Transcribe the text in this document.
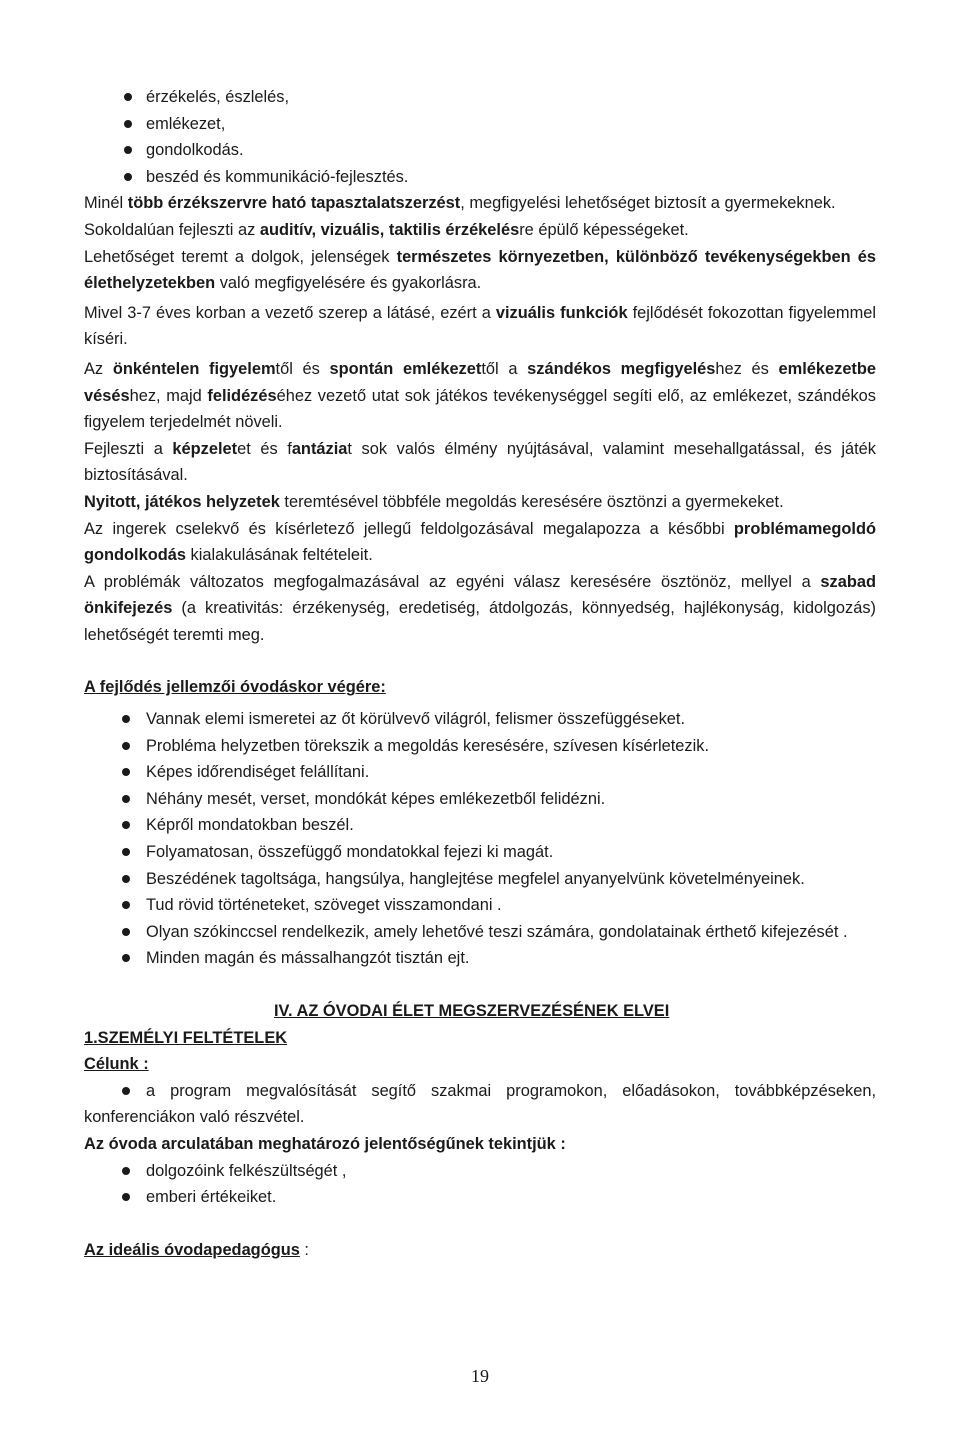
érzékelés, észlelés,
emlékezet,
gondolkodás.
beszéd és kommunikáció-fejlesztés.

Minél több érzékszervre ható tapasztalatszerzést, megfigyelési lehetőséget biztosít a gyermekeknek.

Sokoldalúan fejleszti az auditív, vizuális, taktilis érzékelésre épülő képességeket.

Lehetőséget teremt a dolgok, jelenségek természetes környezetben, különböző tevékenységekben és élethelyzetekben való megfigyelésére és gyakorlásra.

Mivel 3-7 éves korban a vezető szerep a látásé, ezért a vizuális funkciók fejlődését fokozottan figyelemmel kíséri.

Az önkéntelen figyelemtől és spontán emlékezettől a szándékos megfigyeléshez és emlékezetbe véséshez, majd felidézéséhez vezető utat sok játékos tevékenységgel segíti elő, az emlékezet, szándékos figyelem terjedelmét növeli.

Fejleszti a képzeletet és fantáziat sok valós élmény nyújtásával, valamint mesehallgatással, és játék biztosításával.

Nyitott, játékos helyzetek teremtésével többféle megoldás keresésére ösztönzi a gyermekeket.

Az ingerek cselekvő és kísérletező jellegű feldolgozásával megalapozza a későbbi problémamegoldó gondolkodás kialakulásának feltételeit.

A problémák változatos megfogalmazásával az egyéni válasz keresésére ösztönöz, mellyel a szabad önkifejezés (a kreativitás: érzékenység, eredetiség, átdolgozás, könnyedség, hajlékonyság, kidolgozás) lehetőségét teremti meg.

A fejlődés jellemzői óvodáskor végére:
Vannak elemi ismeretei az őt körülvevő világról, felismer összefüggéseket.
Probléma helyzetben törekszik a megoldás keresésére, szívesen kísérletezik.
Képes időrendiséget felállítani.
Néhány mesét, verset, mondókát képes emlékezetből felidézni.
Képről mondatokban beszél.
Folyamatosan, összefüggő mondatokkal fejezi ki magát.
Beszédének tagoltsága, hangsúlya, hanglejtése megfelel anyanyelvünk követelményeinek.
Tud rövid történeteket, szöveget visszamondani .
Olyan szókinccsel rendelkezik, amely lehetővé teszi számára, gondolatainak érthető kifejezését .
Minden magán és mássalhangzót tisztán ejt.
IV. AZ ÓVODAI ÉLET MEGSZERVEZÉSÉNEK ELVEI
1.SZEMÉLYI FELTÉTELEK
Célunk :
a program megvalósítását segítő szakmai programokon, előadásokon, továbbképzéseken, konferenciákon való részvétel.
Az óvoda arculatában meghatározó jelentőségűnek tekintjük :
dolgozóink felkészültségét ,
emberi értékeiket.
Az ideális óvodapedagógus :
19
